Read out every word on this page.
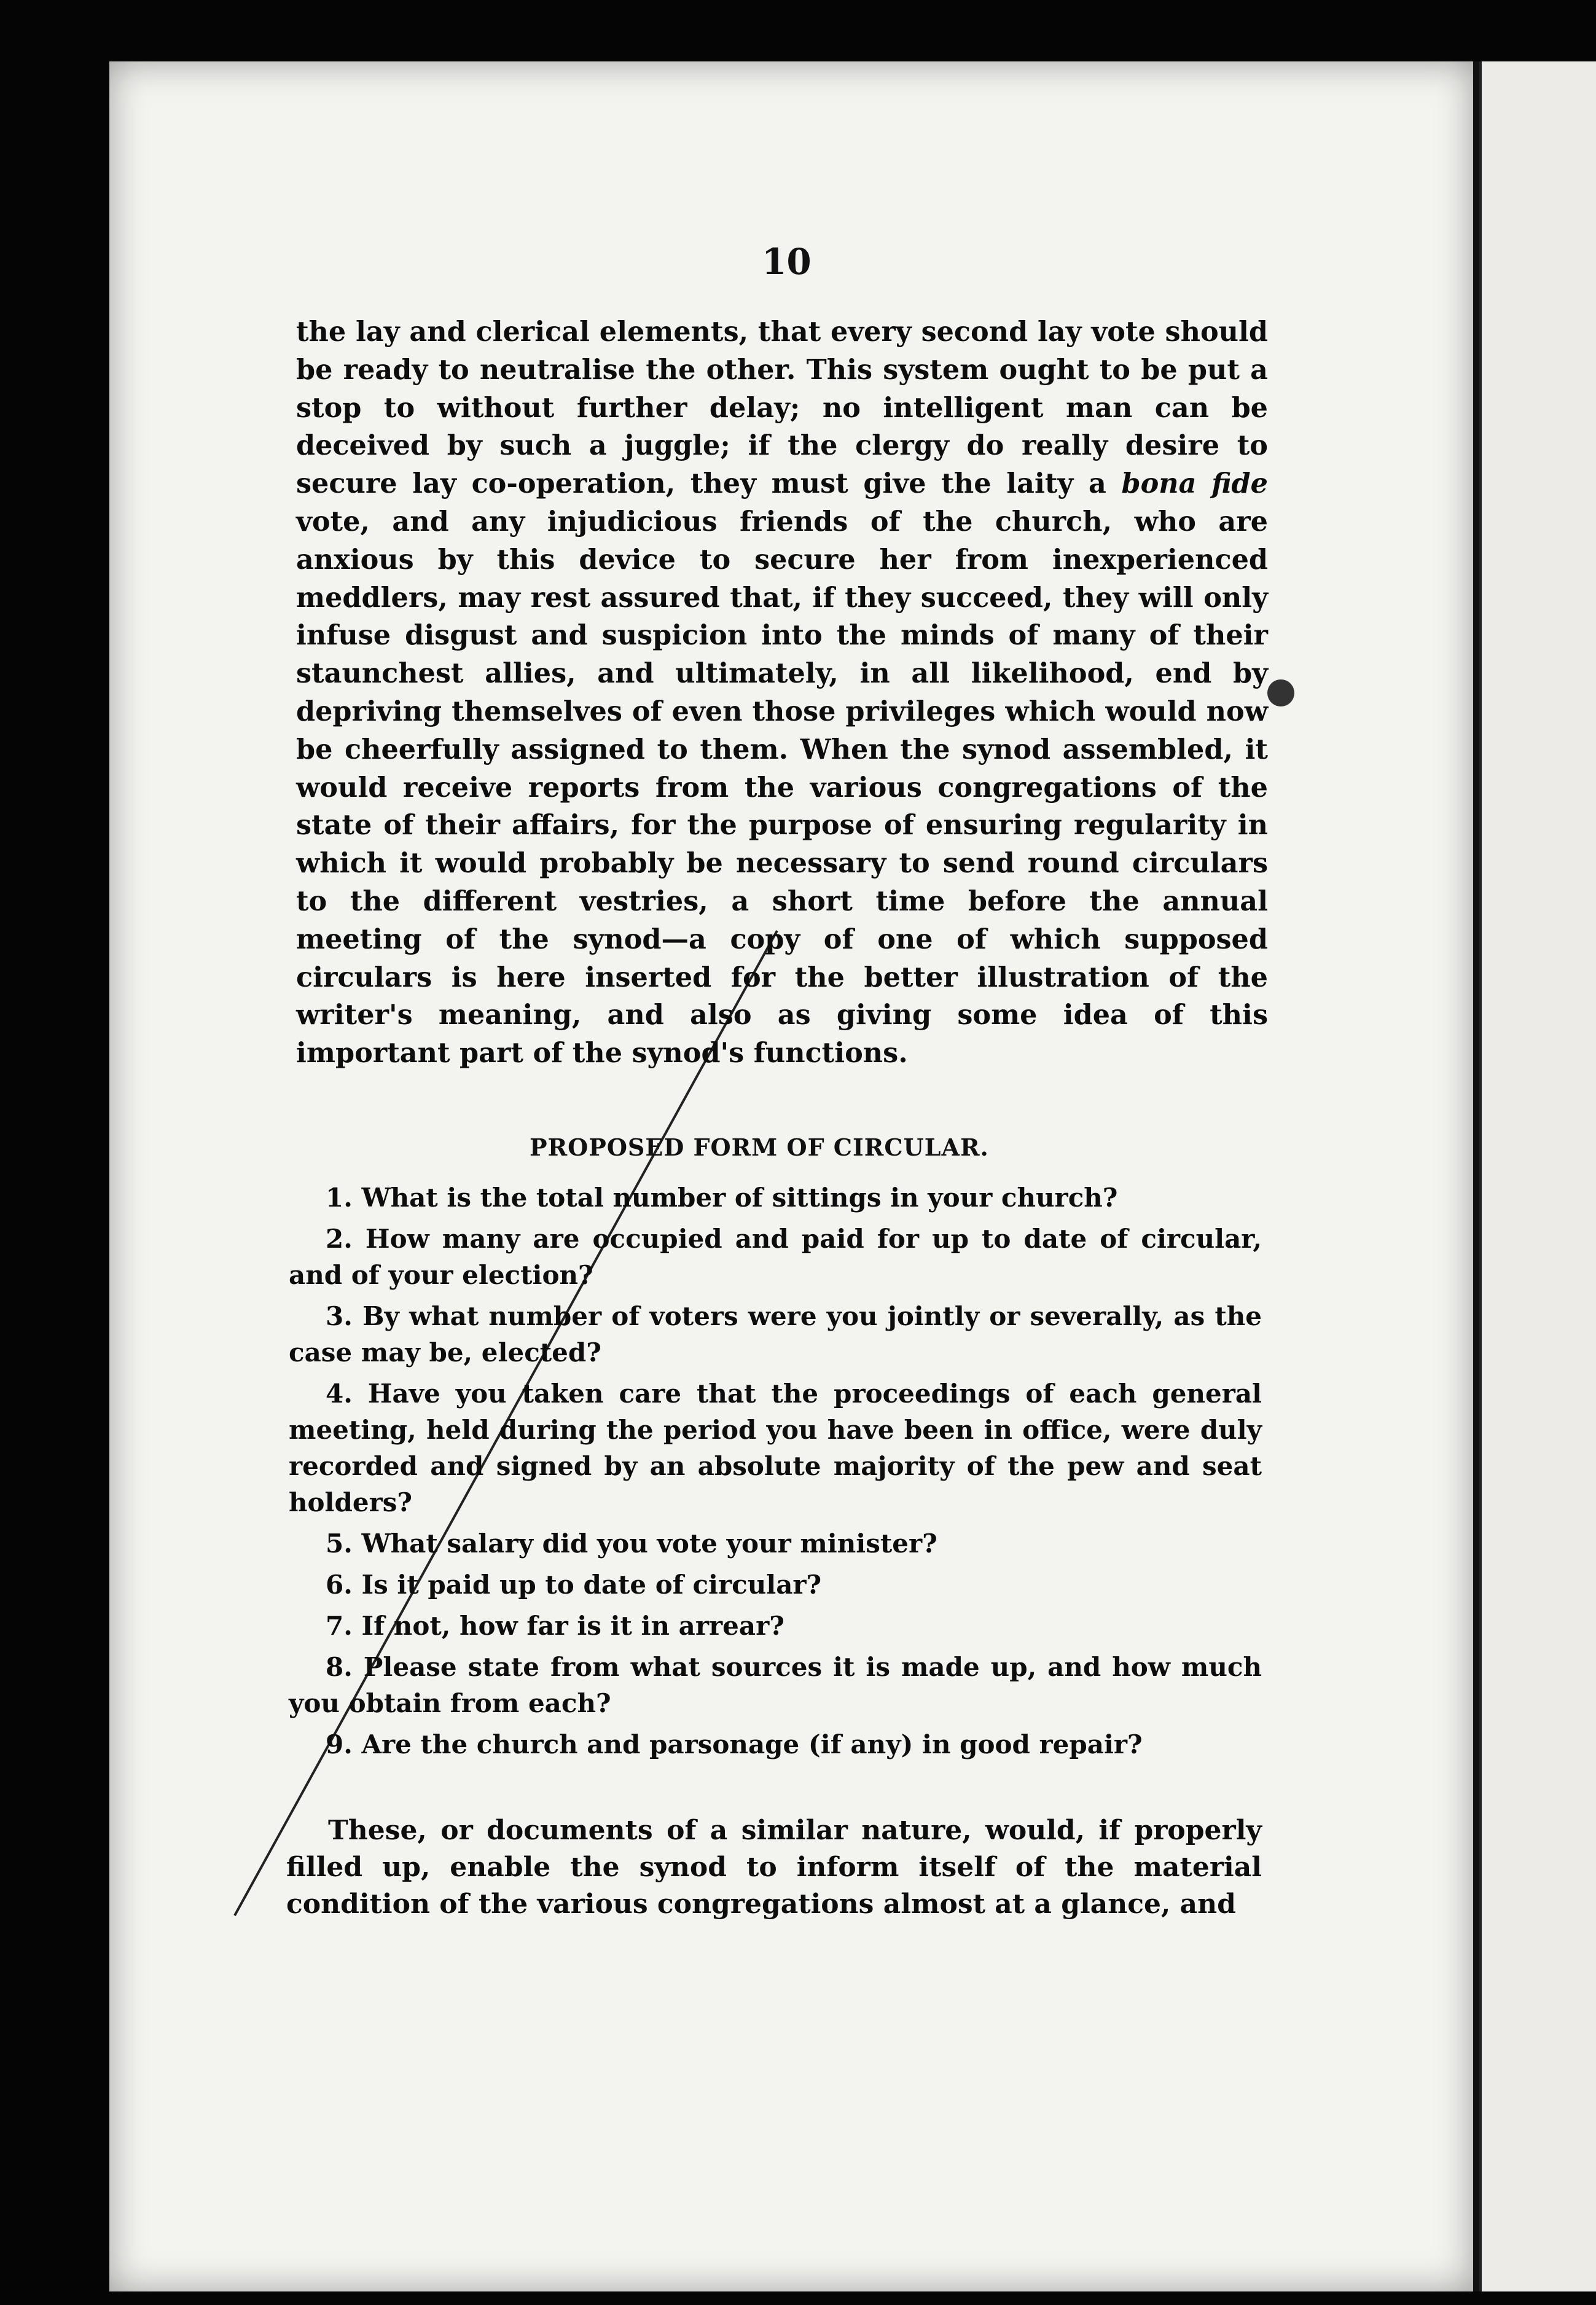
10
the lay and clerical elements, that every second lay vote should be ready to neutralise the other. This system ought to be put a stop to without further delay; no intelligent man can be deceived by such a juggle; if the clergy do really desire to secure lay co-operation, they must give the laity a bona fide vote, and any injudicious friends of the church, who are anxious by this device to secure her from inexperienced meddlers, may rest assured that, if they succeed, they will only infuse disgust and suspicion into the minds of many of their staunchest allies, and ultimately, in all likelihood, end by depriving themselves of even those privileges which would now be cheerfully assigned to them. When the synod assembled, it would receive reports from the various congregations of the state of their affairs, for the purpose of ensuring regularity in which it would probably be necessary to send round circulars to the different vestries, a short time before the annual meeting of the synod—a copy of one of which supposed circulars is here inserted for the better illustration of the writer's meaning, and also as giving some idea of this important part of the synod's functions.
PROPOSED FORM OF CIRCULAR.
1. What is the total number of sittings in your church?
2. How many are occupied and paid for up to date of circular, and of your election?
3. By what number of voters were you jointly or severally, as the case may be, elected?
4. Have you taken care that the proceedings of each general meeting, held during the period you have been in office, were duly recorded and signed by an absolute majority of the pew and seat holders?
5. What salary did you vote your minister?
6. Is it paid up to date of circular?
7. If not, how far is it in arrear?
8. Please state from what sources it is made up, and how much you obtain from each?
9. Are the church and parsonage (if any) in good repair?
These, or documents of a similar nature, would, if properly filled up, enable the synod to inform itself of the material condition of the various congregations almost at a glance, and
